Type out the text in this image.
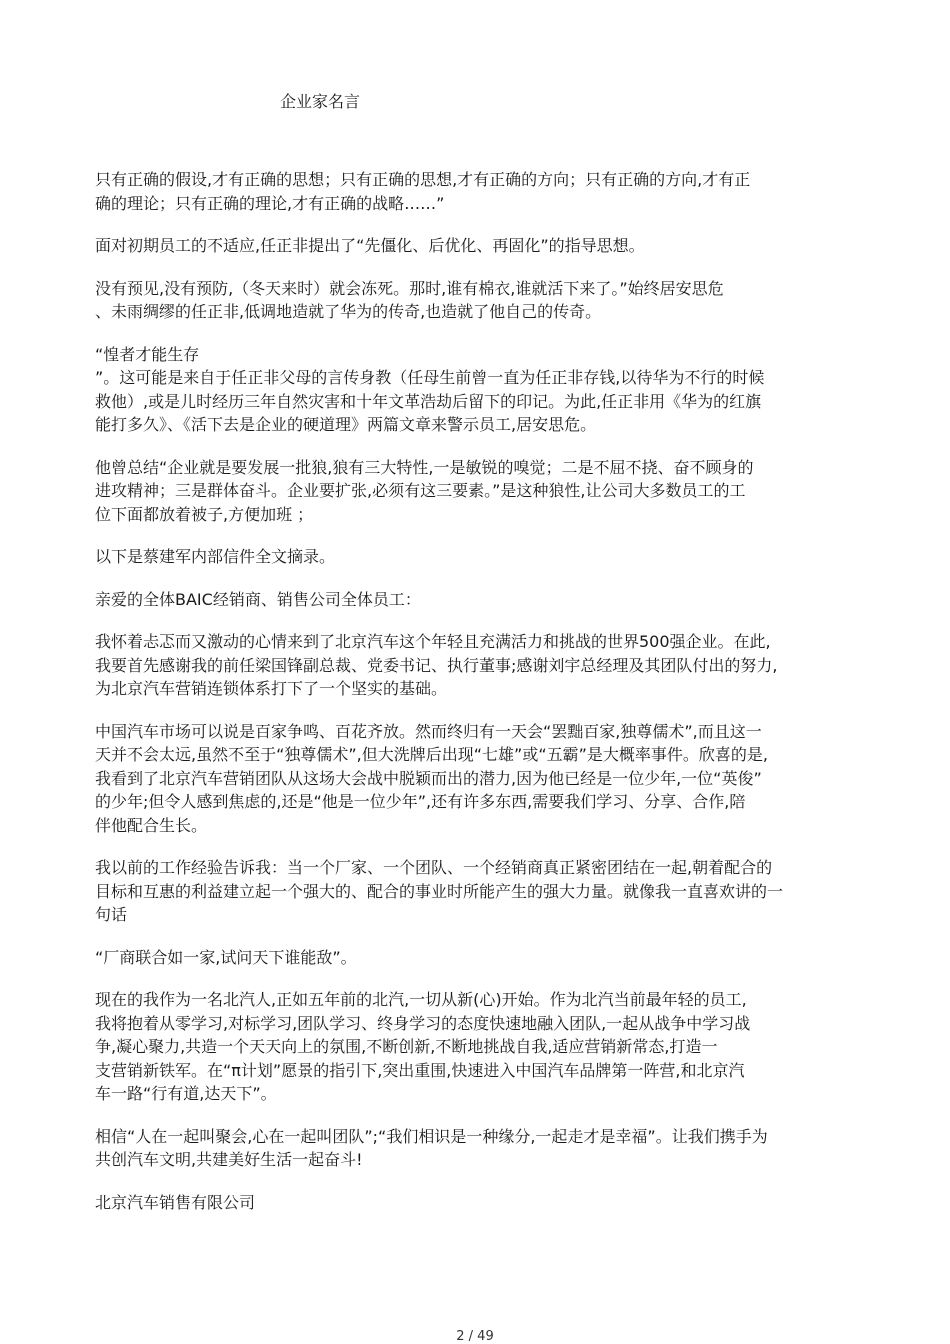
企业家名言

只有正确的假设,才有正确的思想；只有正确的思想,才有正确的方向；只有正确的方向,才有正
确的理论；只有正确的理论,才有正确的战略……”

面对初期员工的不适应,任正非提出了“先僵化、后优化、再固化”的指导思想。

没有预见,没有预防,（冬天来时）就会冻死。那时,谁有棉衣,谁就活下来了。”始终居安思危
、未雨绸缪的任正非,低调地造就了华为的传奇,也造就了他自己的传奇。

“惶者才能生存
”。这可能是来自于任正非父母的言传身教（任母生前曾一直为任正非存钱,以待华为不行的时候
救他）,或是儿时经历三年自然灾害和十年文革浩劫后留下的印记。为此,任正非用《华为的红旗
能打多久》、《活下去是企业的硬道理》两篇文章来警示员工,居安思危。

他曾总结“企业就是要发展一批狼,狼有三大特性,一是敏锐的嗅觉；二是不屈不挠、奋不顾身的
进攻精神；三是群体奋斗。企业要扩张,必须有这三要素。”是这种狼性,让公司大多数员工的工
位下面都放着被子,方便加班 ；

以下是蔡建军内部信件全文摘录。

亲爱的全体BAIC经销商、销售公司全体员工：

我怀着忐忑而又激动的心情来到了北京汽车这个年轻且充满活力和挑战的世界500强企业。在此,
我要首先感谢我的前任梁国锋副总裁、党委书记、执行董事;感谢刘宇总经理及其团队付出的努力,
为北京汽车营销连锁体系打下了一个坚实的基础。

中国汽车市场可以说是百家争鸣、百花齐放。然而终归有一天会“罢黜百家,独尊儒术”,而且这一
天并不会太远,虽然不至于“独尊儒术”,但大洗牌后出现“七雄”或“五霸”是大概率事件。欣喜的是,
我看到了北京汽车营销团队从这场大会战中脱颖而出的潜力,因为他已经是一位少年,一位“英俊”
的少年;但令人感到焦虑的,还是“他是一位少年”,还有许多东西,需要我们学习、分享、合作,陪
伴他配合生长。

我以前的工作经验告诉我：当一个厂家、一个团队、一个经销商真正紧密团结在一起,朝着配合的
目标和互惠的利益建立起一个强大的、配合的事业时所能产生的强大力量。就像我一直喜欢讲的一
句话

“厂商联合如一家,试问天下谁能敌”。

现在的我作为一名北汽人,正如五年前的北汽,一切从新(心)开始。作为北汽当前最年轻的员工,
我将抱着从零学习,对标学习,团队学习、终身学习的态度快速地融入团队,一起从战争中学习战
争,凝心聚力,共造一个天天向上的氛围,不断创新,不断地挑战自我,适应营销新常态,打造一
支营销新铁军。在“π计划”愿景的指引下,突出重围,快速进入中国汽车品牌第一阵营,和北京汽
车一路“行有道,达天下”。

相信“人在一起叫聚会,心在一起叫团队”;“我们相识是一种缘分,一起走才是幸福”。让我们携手为
共创汽车文明,共建美好生活一起奋斗!

北京汽车销售有限公司

2 / 49
